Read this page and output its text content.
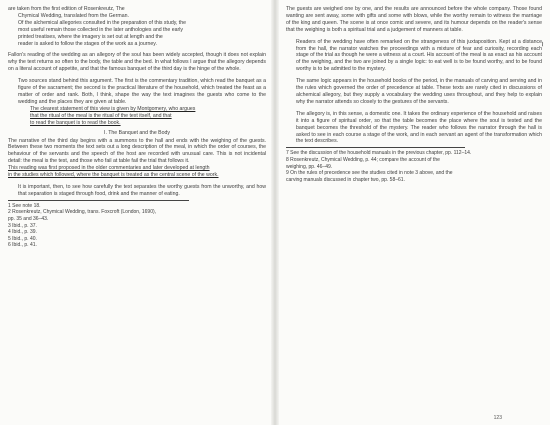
are taken from the first edition of Rosenkreutz, The
Chymical Wedding, translated from the German.
Of the alchemical allegories consulted in the preparation of this study, the
most useful remain those collected in the later anthologies and the early
printed treatises, where the imagery is set out at length and the
reader is asked to follow the stages of the work as a journey.

Fallon's reading of the wedding as an allegory of the soul has been widely accepted, though it does not explain why the text returns so often to the body, the table and the bed. In what follows I argue that the allegory depends on a literal account of appetite, and that the famous banquet of the third day is the hinge of the whole.

Two sources stand behind this argument. The first is the commentary tradition, which read the banquet as a figure of the sacrament; the second is the practical literature of the household, which treated the feast as a matter of order and rank. Both, I think, shape the way the text imagines the guests who come to the wedding and the places they are given at table.

The clearest statement of this view is given by Montgomery, who argues
that the ritual of the meal is the ritual of the text itself, and that
to read the banquet is to read the book.
I. The Banquet and the Body

The narrative of the third day begins with a summons to the hall and ends with the weighing of the guests. Between these two moments the text sets out a long description of the meal, in which the order of courses, the behaviour of the servants and the speech of the host are recorded with unusual care. This is not incidental detail: the meal is the test, and those who fail at table fail the trial that follows it.

This reading was first proposed in the older commentaries and later developed at length
in the studies which followed, where the banquet is treated as the central scene of the work.

It is important, then, to see how carefully the text separates the worthy guests from the unworthy, and how that separation is staged through food, drink and the manner of eating.

1 See note 18.
2 Rosenkreutz, Chymical Wedding, trans. Foxcroft (London, 1690),
pp. 35 and 36–43.
3 Ibid., p. 37.
4 Ibid., p. 39.
5 Ibid., p. 40.
6 Ibid., p. 41.

The guests are weighed one by one, and the results are announced before the whole company. Those found wanting are sent away, some with gifts and some with blows, while the worthy remain to witness the marriage of the king and queen. The scene is at once comic and severe, and its humour depends on the reader's sense that the weighing is both a spiritual trial and a judgement of manners at table.

Readers of the wedding have often remarked on the strangeness of this juxtaposition. Kept at a distance from the hall, the narrator watches the proceedings with a mixture of fear and curiosity, recording each stage of the trial as though he were a witness at a court. His account of the meal is as exact as his account of the weighing, and the two are joined by a single logic: to eat well is to be found worthy, and to be found worthy is to be admitted to the mystery.

The same logic appears in the household books of the period, in the manuals of carving and serving and in the rules which governed the order of precedence at table. These texts are rarely cited in discussions of alchemical allegory, but they supply a vocabulary the wedding uses throughout, and they help to explain why the narrator attends so closely to the gestures of the servants.

The allegory is, in this sense, a domestic one. It takes the ordinary experience of the household and raises it into a figure of spiritual order, so that the table becomes the place where the soul is tested and the banquet becomes the threshold of the mystery. The reader who follows the narrator through the hall is asked to see in each course a stage of the work, and in each servant an agent of the transformation which the text describes.

7 See the discussion of the household manuals in the previous chapter, pp. 112–14.
8 Rosenkreutz, Chymical Wedding, p. 44; compare the account of the
weighing, pp. 46–49.
9 On the rules of precedence see the studies cited in note 3 above, and the
carving manuals discussed in chapter two, pp. 58–61.
~
123
